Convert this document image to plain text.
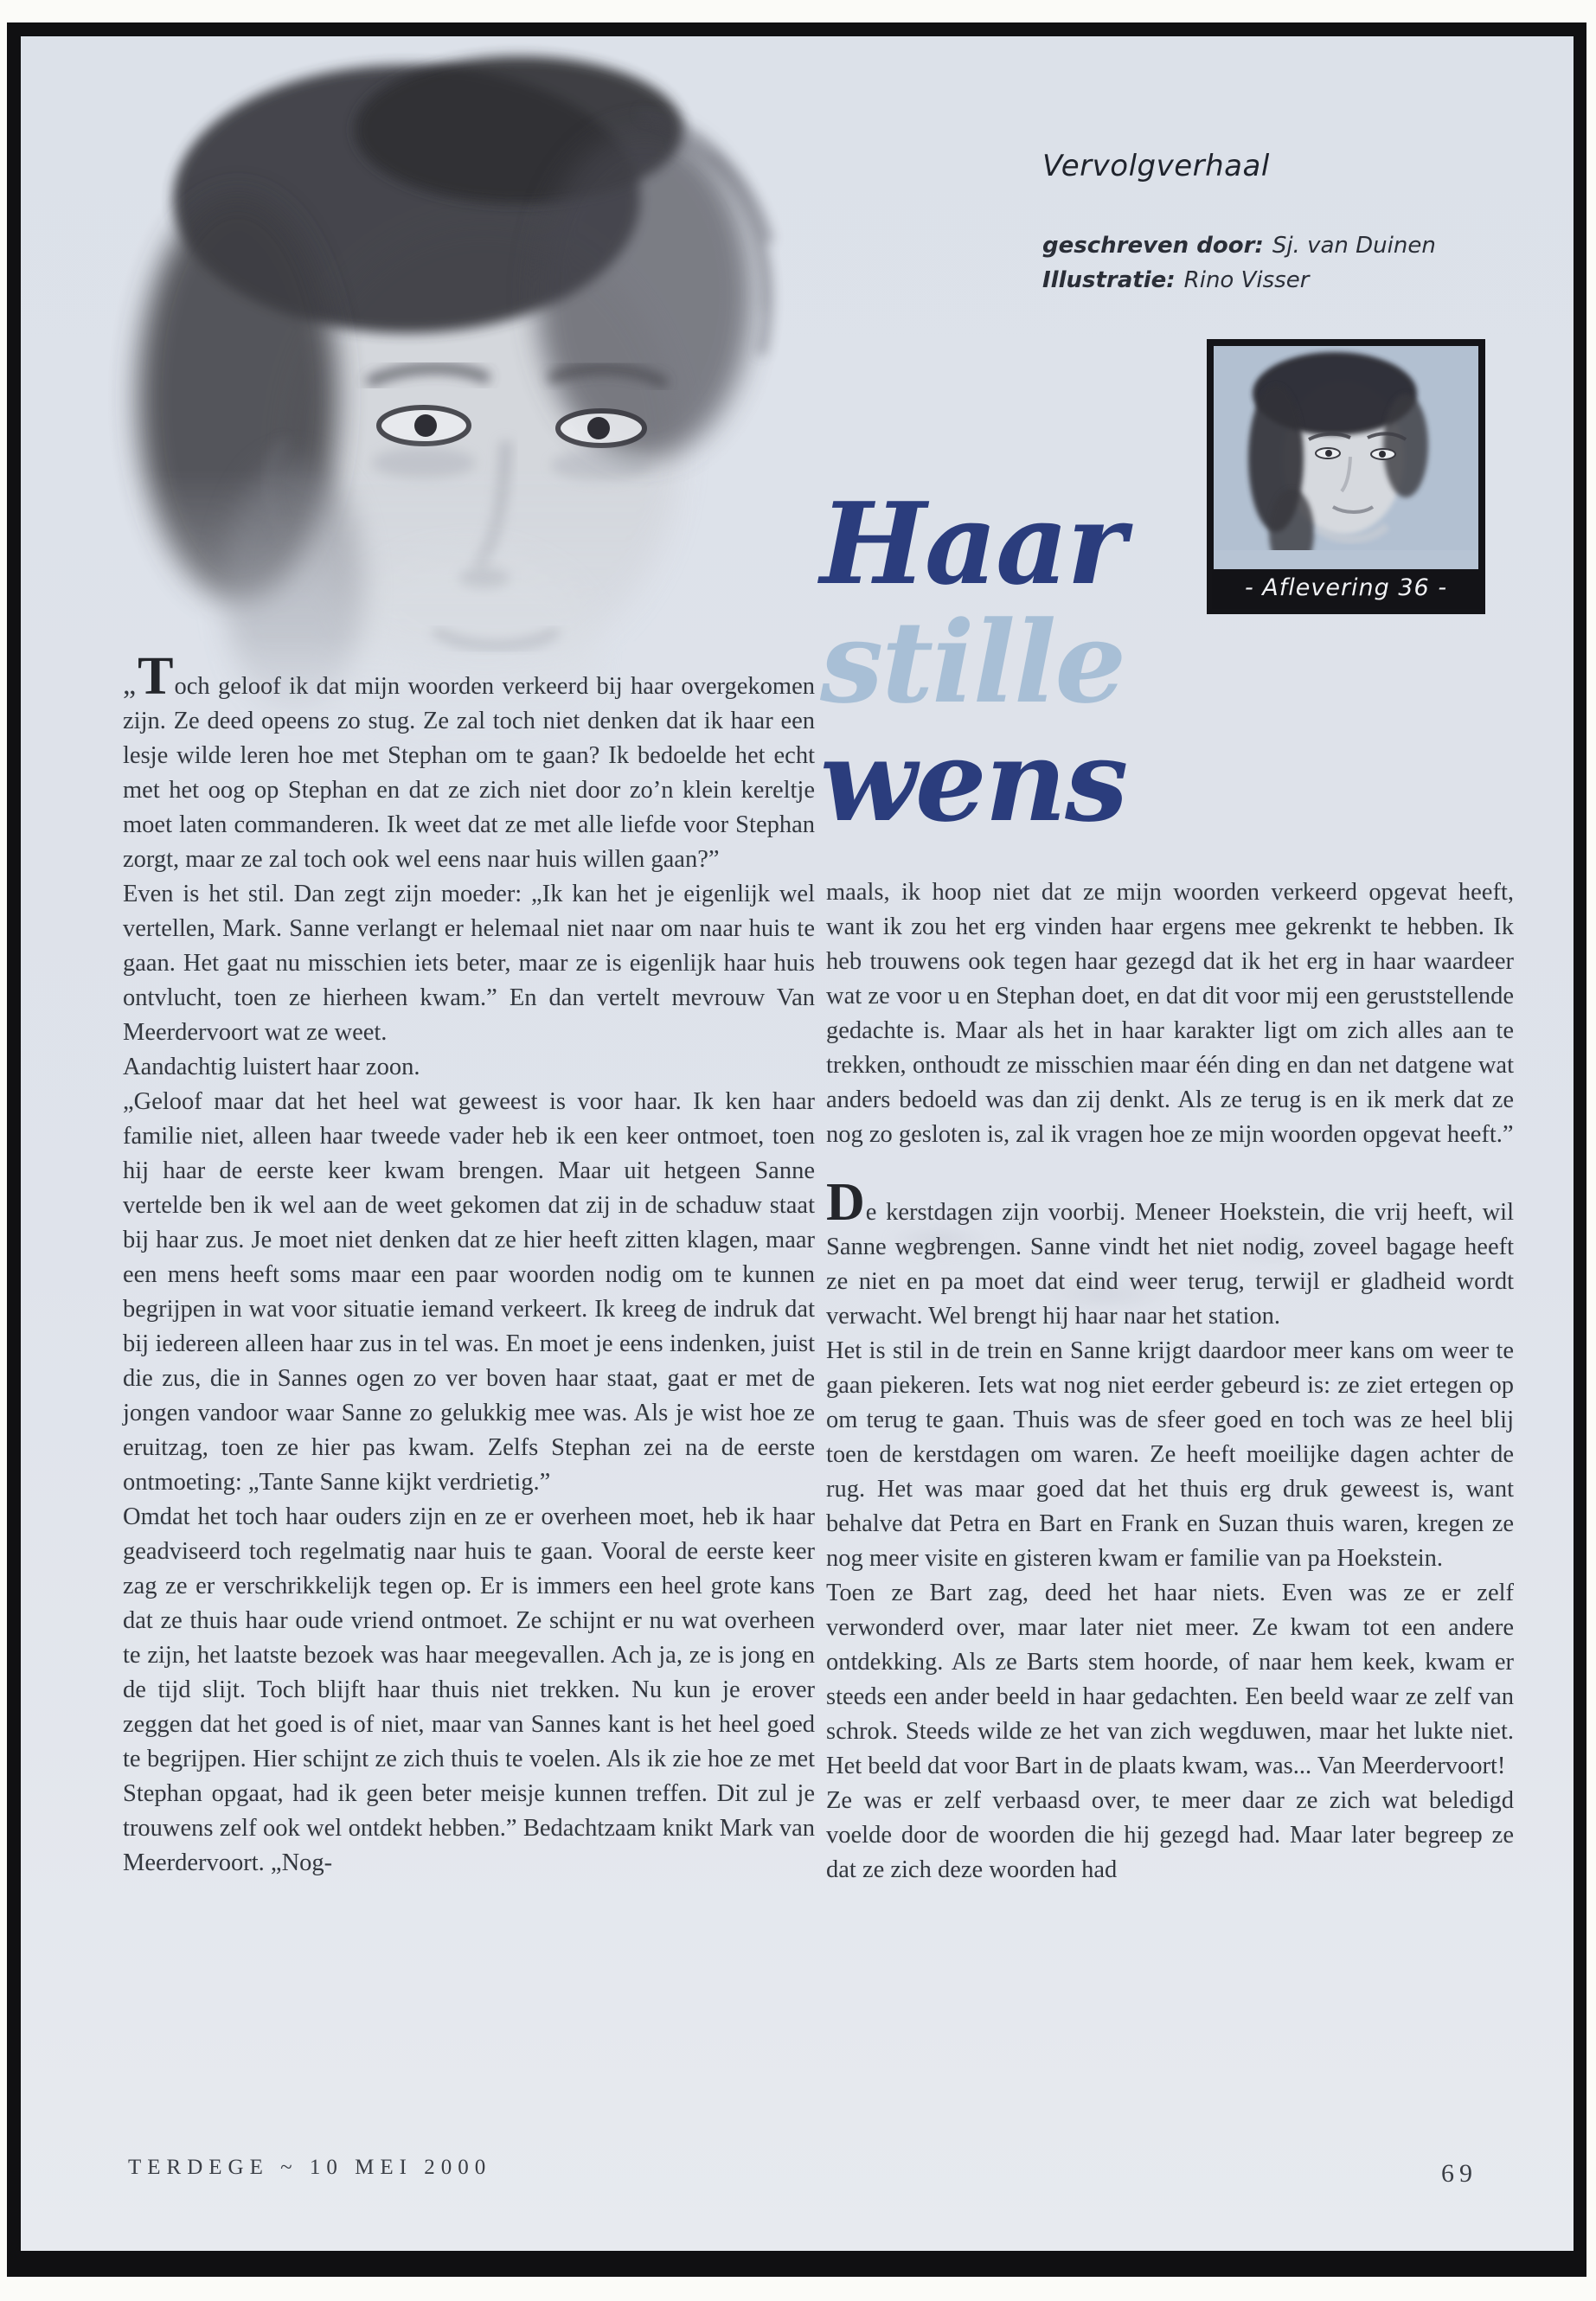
Vervolgverhaal

geschreven door: Sj. van Duinen
Illustratie: Rino Visser
- Aflevering 36 -
Haar
stille
wens

„Toch geloof ik dat mijn woorden verkeerd bij haar overgekomen zijn. Ze deed opeens zo stug. Ze zal toch niet denken dat ik haar een lesje wilde leren hoe met Stephan om te gaan? Ik bedoelde het echt met het oog op Stephan en dat ze zich niet door zo’n klein kereltje moet laten commanderen. Ik weet dat ze met alle liefde voor Stephan zorgt, maar ze zal toch ook wel eens naar huis willen gaan?”

Even is het stil. Dan zegt zijn moeder: „Ik kan het je eigenlijk wel vertellen, Mark. Sanne verlangt er helemaal niet naar om naar huis te gaan. Het gaat nu misschien iets beter, maar ze is eigenlijk haar huis ontvlucht, toen ze hierheen kwam.” En dan vertelt mevrouw Van Meerdervoort wat ze weet.

Aandachtig luistert haar zoon.

„Geloof maar dat het heel wat geweest is voor haar. Ik ken haar familie niet, alleen haar tweede vader heb ik een keer ontmoet, toen hij haar de eerste keer kwam brengen. Maar uit hetgeen Sanne vertelde ben ik wel aan de weet gekomen dat zij in de schaduw staat bij haar zus. Je moet niet denken dat ze hier heeft zitten klagen, maar een mens heeft soms maar een paar woorden nodig om te kunnen begrijpen in wat voor situatie iemand verkeert. Ik kreeg de indruk dat bij iedereen alleen haar zus in tel was. En moet je eens indenken, juist die zus, die in Sannes ogen zo ver boven haar staat, gaat er met de jongen vandoor waar Sanne zo gelukkig mee was. Als je wist hoe ze eruitzag, toen ze hier pas kwam. Zelfs Stephan zei na de eerste ontmoeting: „Tante Sanne kijkt verdrietig.”

Omdat het toch haar ouders zijn en ze er overheen moet, heb ik haar geadviseerd toch regelmatig naar huis te gaan. Vooral de eerste keer zag ze er verschrikkelijk tegen op. Er is immers een heel grote kans dat ze thuis haar oude vriend ontmoet. Ze schijnt er nu wat overheen te zijn, het laatste bezoek was haar meegevallen. Ach ja, ze is jong en de tijd slijt. Toch blijft haar thuis niet trekken. Nu kun je erover zeggen dat het goed is of niet, maar van Sannes kant is het heel goed te begrijpen. Hier schijnt ze zich thuis te voelen. Als ik zie hoe ze met Stephan opgaat, had ik geen beter meisje kunnen treffen. Dit zul je trouwens zelf ook wel ontdekt hebben.” Bedachtzaam knikt Mark van Meerdervoort. „Nog-

maals, ik hoop niet dat ze mijn woorden verkeerd opgevat heeft, want ik zou het erg vinden haar ergens mee gekrenkt te hebben. Ik heb trouwens ook tegen haar gezegd dat ik het erg in haar waardeer wat ze voor u en Stephan doet, en dat dit voor mij een geruststellende gedachte is. Maar als het in haar karakter ligt om zich alles aan te trekken, onthoudt ze misschien maar één ding en dan net datgene wat anders bedoeld was dan zij denkt. Als ze terug is en ik merk dat ze nog zo gesloten is, zal ik vragen hoe ze mijn woorden opgevat heeft.”

De kerstdagen zijn voorbij. Meneer Hoekstein, die vrij heeft, wil Sanne wegbrengen. Sanne vindt het niet nodig, zoveel bagage heeft ze niet en pa moet dat eind weer terug, terwijl er gladheid wordt verwacht. Wel brengt hij haar naar het station.

Het is stil in de trein en Sanne krijgt daardoor meer kans om weer te gaan piekeren. Iets wat nog niet eerder gebeurd is: ze ziet ertegen op om terug te gaan. Thuis was de sfeer goed en toch was ze heel blij toen de kerstdagen om waren. Ze heeft moeilijke dagen achter de rug. Het was maar goed dat het thuis erg druk geweest is, want behalve dat Petra en Bart en Frank en Suzan thuis waren, kregen ze nog meer visite en gisteren kwam er familie van pa Hoekstein.

Toen ze Bart zag, deed het haar niets. Even was ze er zelf verwonderd over, maar later niet meer. Ze kwam tot een andere ontdekking. Als ze Barts stem hoorde, of naar hem keek, kwam er steeds een ander beeld in haar gedachten. Een beeld waar ze zelf van schrok. Steeds wilde ze het van zich wegduwen, maar het lukte niet. Het beeld dat voor Bart in de plaats kwam, was... Van Meerdervoort!

Ze was er zelf verbaasd over, te meer daar ze zich wat beledigd voelde door de woorden die hij gezegd had. Maar later begreep ze dat ze zich deze woorden had

TERDEGE ~ 10 MEI 2000	69
